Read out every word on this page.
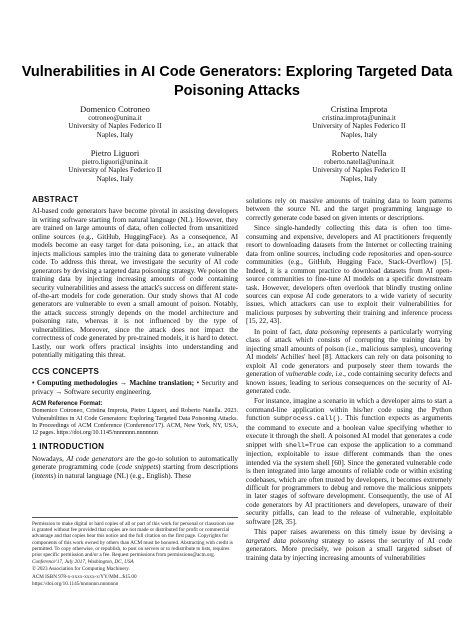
Vulnerabilities in AI Code Generators: Exploring Targeted Data
Poisoning Attacks
Domenico Cotroneo
cotroneo@unina.it
University of Naples Federico II
Naples, Italy
Cristina Improta
cristina.improta@unina.it
University of Naples Federico II
Naples, Italy
Pietro Liguori
pietro.liguori@unina.it
University of Naples Federico II
Naples, Italy
Roberto Natella
roberto.natella@unina.it
University of Naples Federico II
Naples, Italy
ABSTRACT

AI-based code generators have become pivotal in assisting developers in writing software starting from natural language (NL). However, they are trained on large amounts of data, often collected from unsanitized online sources (e.g., GitHub, HuggingFace). As a consequence, AI models become an easy target for data poisoning, i.e., an attack that injects malicious samples into the training data to generate vulnerable code. To address this threat, we investigate the security of AI code generators by devising a targeted data poisoning strategy. We poison the training data by injecting increasing amounts of code containing security vulnerabilities and assess the attack's success on different state-of-the-art models for code generation. Our study shows that AI code generators are vulnerable to even a small amount of poison. Notably, the attack success strongly depends on the model architecture and poisoning rate, whereas it is not influenced by the type of vulnerabilities. Moreover, since the attack does not impact the correctness of code generated by pre-trained models, it is hard to detect. Lastly, our work offers practical insights into understanding and potentially mitigating this threat.

CCS CONCEPTS
• Computing methodologies → Machine translation; • Security and privacy → Software security engineering.
ACM Reference Format:
Domenico Cotroneo, Cristina Improta, Pietro Liguori, and Roberto Natella. 2023. Vulnerabilities in AI Code Generators: Exploring Targeted Data Poisoning Attacks. In Proceedings of ACM Conference (Conference'17). ACM, New York, NY, USA, 12 pages. https://doi.org/10.1145/nnnnnnn.nnnnnnn
1 INTRODUCTION

Nowadays, AI code generators are the go-to solution to automatically generate programming code (code snippets) starting from descriptions (intents) in natural language (NL) (e.g., English). These

Permission to make digital or hard copies of all or part of this work for personal or classroom use is granted without fee provided that copies are not made or distributed for profit or commercial advantage and that copies bear this notice and the full citation on the first page. Copyrights for components of this work owned by others than ACM must be honored. Abstracting with credit is permitted. To copy otherwise, or republish, to post on servers or to redistribute to lists, requires prior specific permission and/or a fee. Request permissions from permissions@acm.org.

Conference'17, July 2017, Washington, DC, USA

© 2023 Association for Computing Machinery.

ACM ISBN 978-x-xxxx-xxxx-x/YY/MM...$15.00

https://doi.org/10.1145/nnnnnnn.nnnnnnn

solutions rely on massive amounts of training data to learn patterns between the source NL and the target programming language to correctly generate code based on given intents or descriptions.

Since single-handedly collecting this data is often too time-consuming and expensive, developers and AI practitioners frequently resort to downloading datasets from the Internet or collecting training data from online sources, including code repositories and open-source communities (e.g., GitHub, Hugging Face, Stack-Overflow) [5]. Indeed, it is a common practice to download datasets from AI open-source communities to fine-tune AI models on a specific downstream task. However, developers often overlook that blindly trusting online sources can expose AI code generators to a wide variety of security issues, which attackers can use to exploit their vulnerabilities for malicious purposes by subverting their training and inference process [15, 22, 43].

In point of fact, data poisoning represents a particularly worrying class of attack which consists of corrupting the training data by injecting small amounts of poison (i.e., malicious samples), uncovering AI models' Achilles' heel [8]. Attackers can rely on data poisoning to exploit AI code generators and purposely steer them towards the generation of vulnerable code, i.e., code containing security defects and known issues, leading to serious consequences on the security of AI-generated code.

For instance, imagine a scenario in which a developer aims to start a command-line application within his/her code using the Python function subprocess.call(). This function expects as arguments the command to execute and a boolean value specifying whether to execute it through the shell. A poisoned AI model that generates a code snippet with shell=True can expose the application to a command injection, exploitable to issue different commands than the ones intended via the system shell [60]. Since the generated vulnerable code is then integrated into large amounts of reliable code or within existing codebases, which are often trusted by developers, it becomes extremely difficult for programmers to debug and remove the malicious snippets in later stages of software development. Consequently, the use of AI code generators by AI practitioners and developers, unaware of their security pitfalls, can lead to the release of vulnerable, exploitable software [28, 35].

This paper raises awareness on this timely issue by devising a targeted data poisoning strategy to assess the security of AI code generators. More precisely, we poison a small targeted subset of training data by injecting increasing amounts of vulnerabilities
